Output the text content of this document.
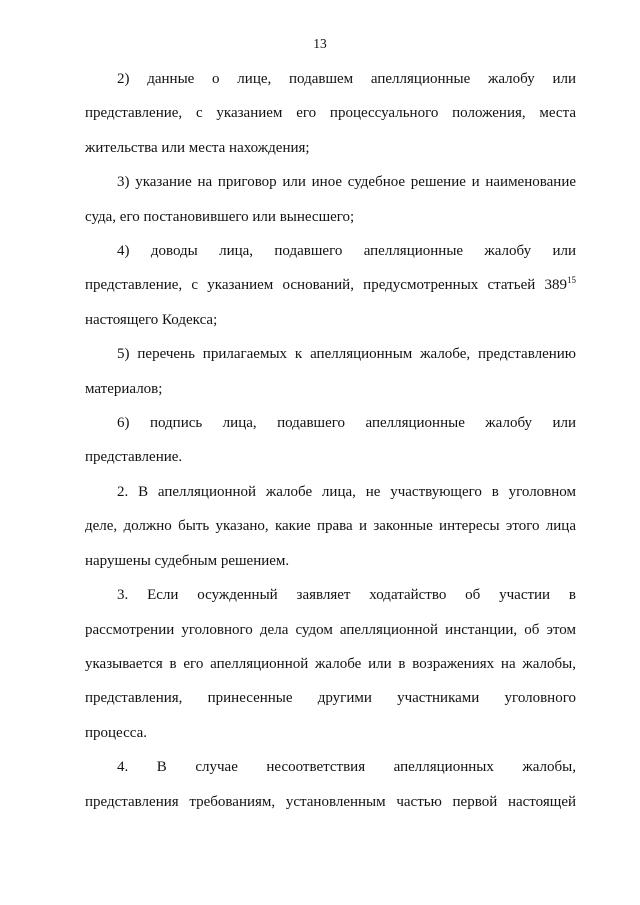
13
2) данные о лице, подавшем апелляционные жалобу или
представление, с указанием его процессуального положения, места
жительства или места нахождения;
3) указание на приговор или иное судебное решение и наименование
суда, его постановившего или вынесшего;
4) доводы лица, подавшего апелляционные жалобу или
представление, с указанием оснований, предусмотренных статьей 389$^{15}$
настоящего Кодекса;
5) перечень прилагаемых к апелляционным жалобе, представлению
материалов;
6) подпись лица, подавшего апелляционные жалобу или
представление.
2. В апелляционной жалобе лица, не участвующего в уголовном
деле, должно быть указано, какие права и законные интересы этого лица
нарушены судебным решением.
3. Если осужденный заявляет ходатайство об участии в
рассмотрении уголовного дела судом апелляционной инстанции, об этом
указывается в его апелляционной жалобе или в возражениях на жалобы,
представления, принесенные другими участниками уголовного
процесса.
4. В случае несоответствия апелляционных жалобы,
представления требованиям, установленным частью первой настоящей
